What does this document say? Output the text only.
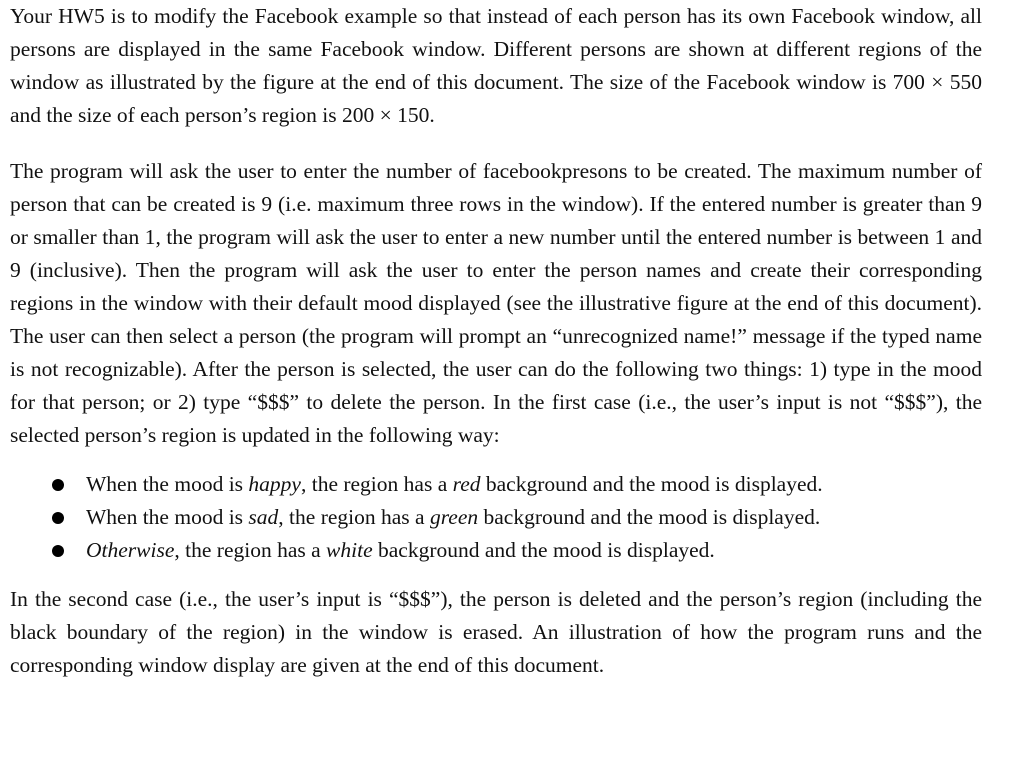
Your HW5 is to modify the Facebook example so that instead of each person has its own Facebook window, all persons are displayed in the same Facebook window. Different persons are shown at different regions of the window as illustrated by the figure at the end of this document. The size of the Facebook window is 700 × 550 and the size of each person’s region is 200 × 150.

The program will ask the user to enter the number of facebookpresons to be created. The maximum number of person that can be created is 9 (i.e. maximum three rows in the window). If the entered number is greater than 9 or smaller than 1, the program will ask the user to enter a new number until the entered number is between 1 and 9 (inclusive). Then the program will ask the user to enter the person names and create their corresponding regions in the window with their default mood displayed (see the illustrative figure at the end of this document). The user can then select a person (the program will prompt an “unrecognized name!” message if the typed name is not recognizable). After the person is selected, the user can do the following two things: 1) type in the mood for that person; or 2) type “$$$” to delete the person. In the first case (i.e., the user’s input is not “$$$”), the selected person’s region is updated in the following way:

When the mood is happy, the region has a red background and the mood is displayed.
When the mood is sad, the region has a green background and the mood is displayed.
Otherwise, the region has a white background and the mood is displayed.

In the second case (i.e., the user’s input is “$$$”), the person is deleted and the person’s region (including the black boundary of the region) in the window is erased. An illustration of how the program runs and the corresponding window display are given at the end of this document.
